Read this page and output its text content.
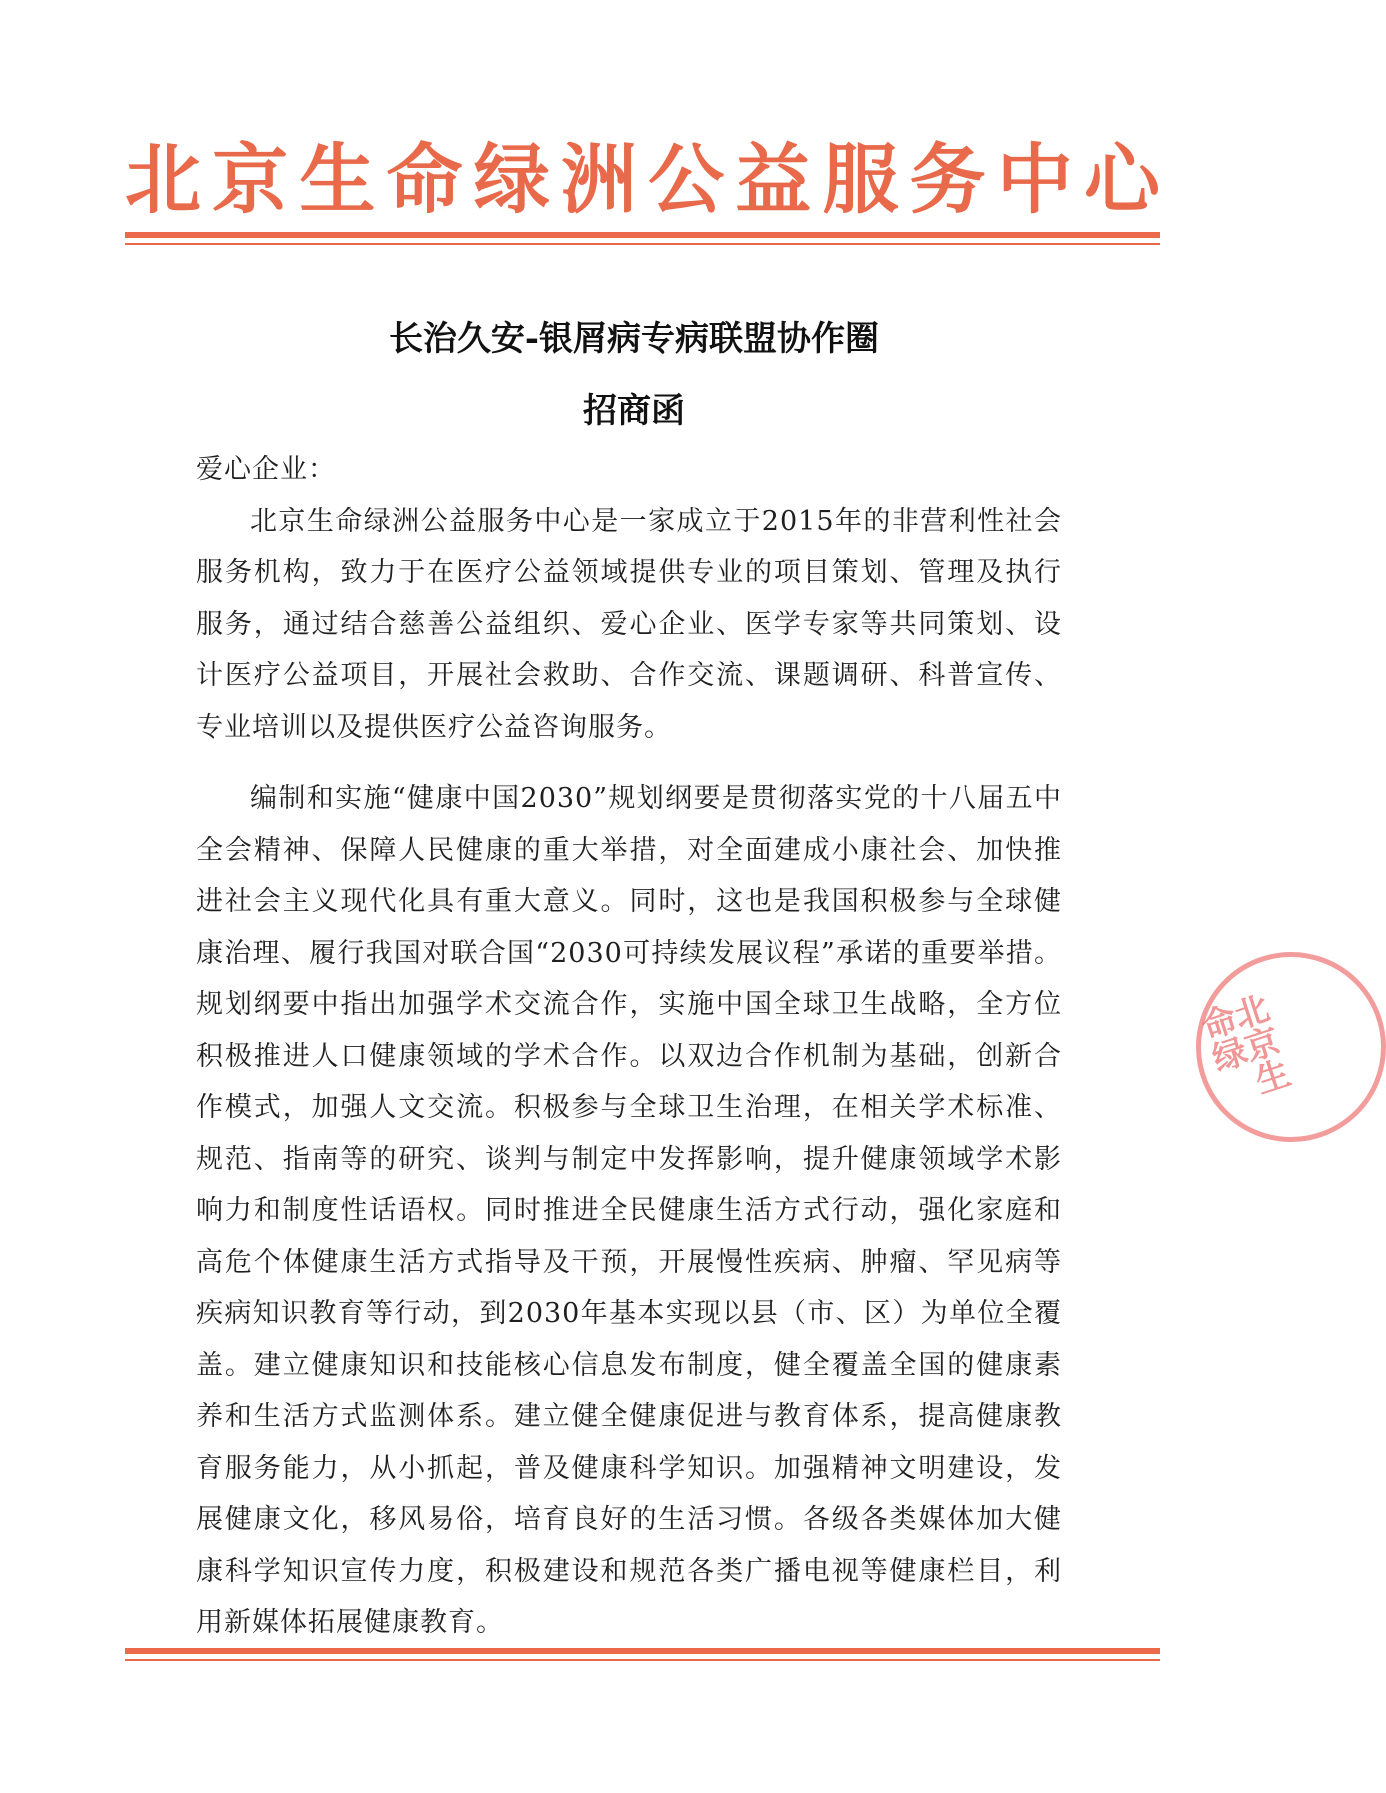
北京生命绿洲公益服务中心
长治久安-银屑病专病联盟协作圈
招商函

爱心企业：

北京生命绿洲公益服务中心是一家成立于2015年的非营利性社会服务机构，致力于在医疗公益领域提供专业的项目策划、管理及执行服务，通过结合慈善公益组织、爱心企业、医学专家等共同策划、设计医疗公益项目，开展社会救助、合作交流、课题调研、科普宣传、专业培训以及提供医疗公益咨询服务。

编制和实施“健康中国2030”规划纲要是贯彻落实党的十八届五中全会精神、保障人民健康的重大举措，对全面建成小康社会、加快推进社会主义现代化具有重大意义。同时，这也是我国积极参与全球健康治理、履行我国对联合国“2030可持续发展议程”承诺的重要举措。规划纲要中指出加强学术交流合作，实施中国全球卫生战略，全方位积极推进人口健康领域的学术合作。以双边合作机制为基础，创新合作模式，加强人文交流。积极参与全球卫生治理，在相关学术标准、规范、指南等的研究、谈判与制定中发挥影响，提升健康领域学术影响力和制度性话语权。同时推进全民健康生活方式行动，强化家庭和高危个体健康生活方式指导及干预，开展慢性疾病、肿瘤、罕见病等疾病知识教育等行动，到2030年基本实现以县（市、区）为单位全覆盖。建立健康知识和技能核心信息发布制度，健全覆盖全国的健康素养和生活方式监测体系。建立健全健康促进与教育体系，提高健康教育服务能力，从小抓起，普及健康科学知识。加强精神文明建设，发展健康文化，移风易俗，培育良好的生活习惯。各级各类媒体加大健康科学知识宣传力度，积极建设和规范各类广播电视等健康栏目，利用新媒体拓展健康教育。

北京生命绿
